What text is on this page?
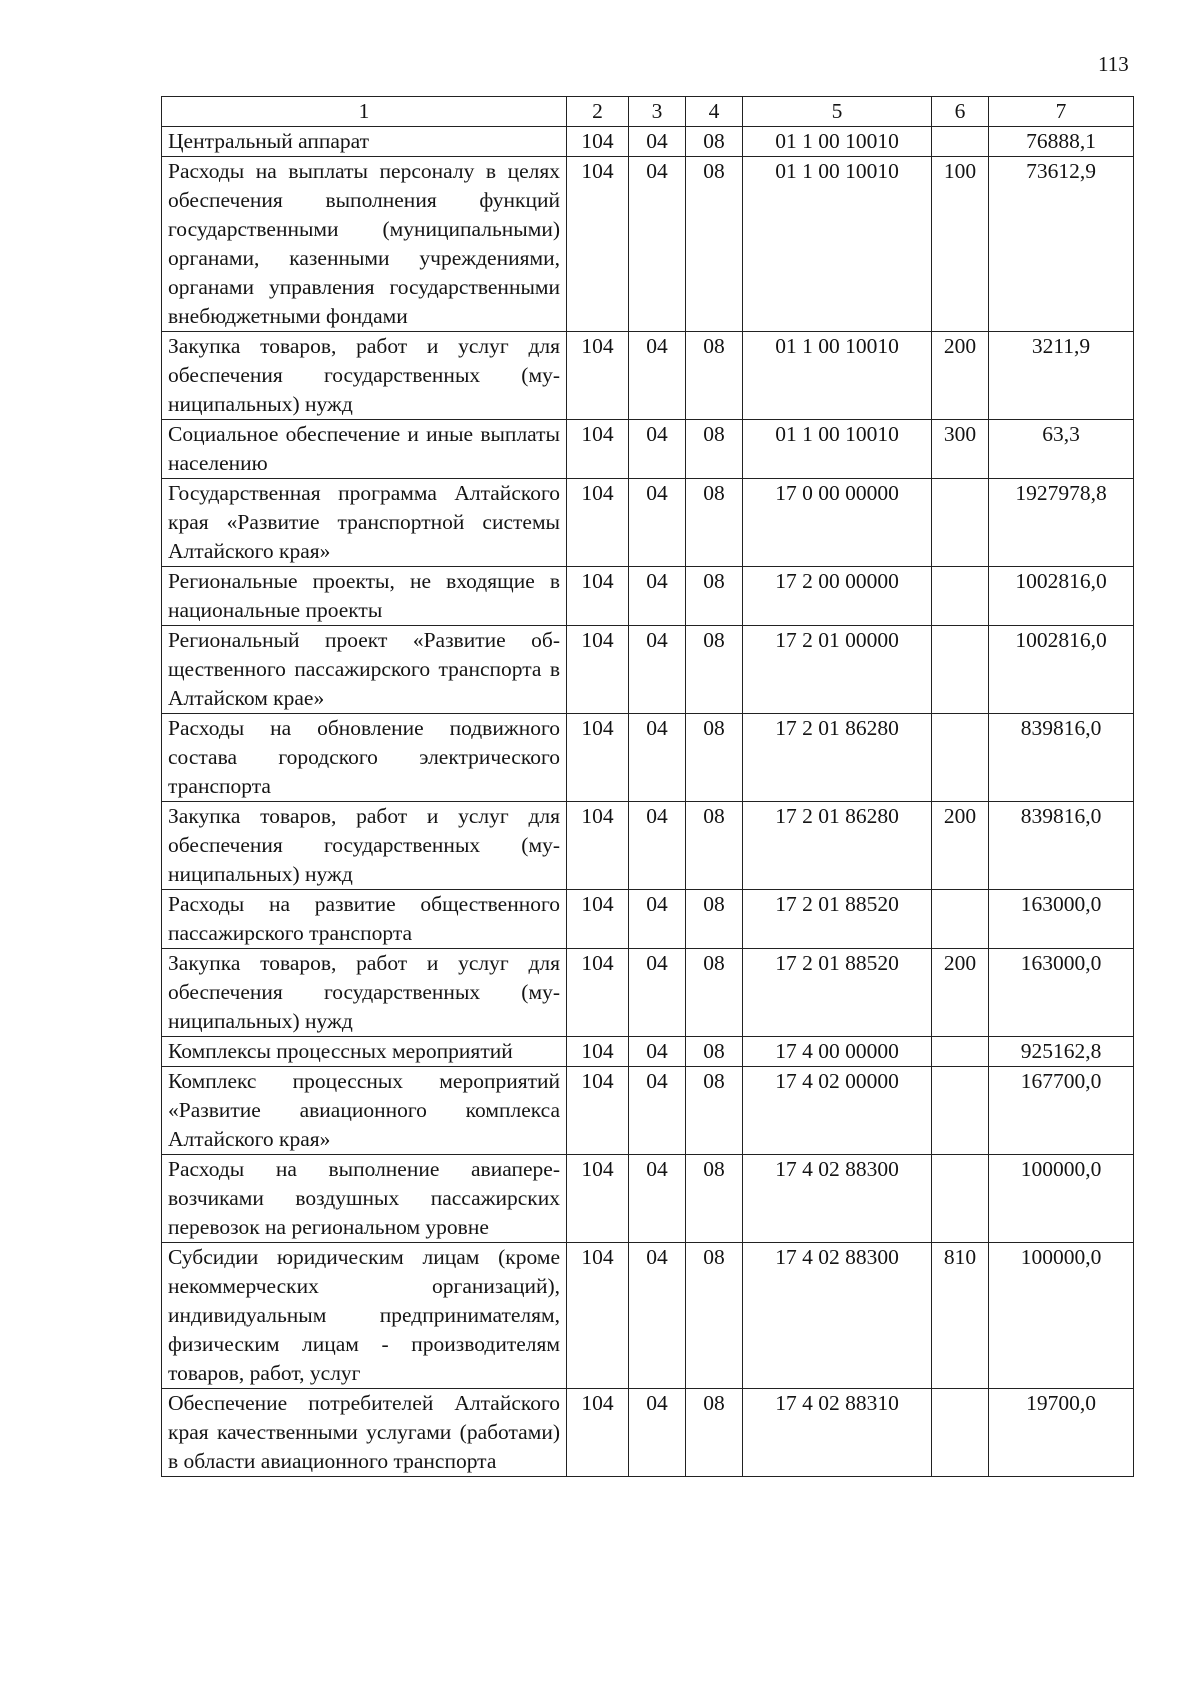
113
1	2	3	4	5	6	7
Центральный аппарат	104	04	08	01 1 00 10010		76888,1
Расходы на выплаты персоналу в целях обеспечения выполнения функций государственными (муниципальными) органами, казенными учреждениями, органами управления государственными внебюджетными фондами	104	04	08	01 1 00 10010	100	73612,9
Закупка товаров, работ и услуг для обеспечения государственных (муниципальных) нужд	104	04	08	01 1 00 10010	200	3211,9
Социальное обеспечение и иные выплаты населению	104	04	08	01 1 00 10010	300	63,3
Государственная программа Алтайского края «Развитие транспортной системы Алтайского края»	104	04	08	17 0 00 00000		1927978,8
Региональные проекты, не входящие в национальные проекты	104	04	08	17 2 00 00000		1002816,0
Региональный проект «Развитие общественного пассажирского транспорта в Алтайском крае»	104	04	08	17 2 01 00000		1002816,0
Расходы на обновление подвижного состава городского электрического транспорта	104	04	08	17 2 01 86280		839816,0
Закупка товаров, работ и услуг для обеспечения государственных (муниципальных) нужд	104	04	08	17 2 01 86280	200	839816,0
Расходы на развитие общественного пассажирского транспорта	104	04	08	17 2 01 88520		163000,0
Закупка товаров, работ и услуг для обеспечения государственных (муниципальных) нужд	104	04	08	17 2 01 88520	200	163000,0
Комплексы процессных мероприятий	104	04	08	17 4 00 00000		925162,8
Комплекс процессных мероприятий «Развитие авиационного комплекса Алтайского края»	104	04	08	17 4 02 00000		167700,0
Расходы на выполнение авиаперевозчиками воздушных пассажирских перевозок на региональном уровне	104	04	08	17 4 02 88300		100000,0
Субсидии юридическим лицам (кроме некоммерческих организаций), индивидуальным предпринимателям, физическим лицам - производителям товаров, работ, услуг	104	04	08	17 4 02 88300	810	100000,0
Обеспечение потребителей Алтайского края качественными услугами (работами) в области авиационного транспорта	104	04	08	17 4 02 88310		19700,0
